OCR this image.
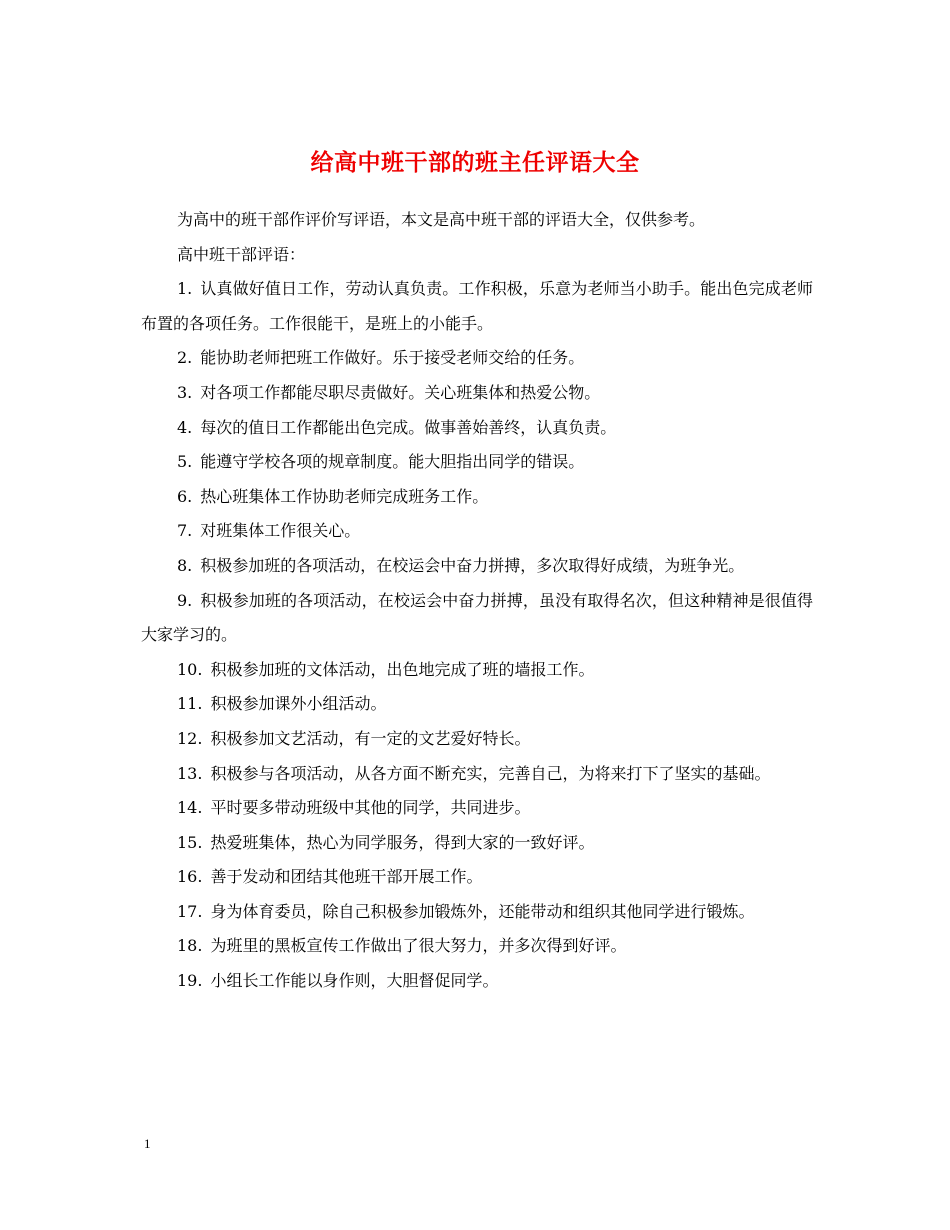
给高中班干部的班主任评语大全

为高中的班干部作评价写评语，本文是高中班干部的评语大全，仅供参考。

高中班干部评语：

1. 认真做好值日工作，劳动认真负责。工作积极，乐意为老师当小助手。能出色完成老师布置的各项任务。工作很能干，是班上的小能手。

2. 能协助老师把班工作做好。乐于接受老师交给的任务。

3. 对各项工作都能尽职尽责做好。关心班集体和热爱公物。

4. 每次的值日工作都能出色完成。做事善始善终，认真负责。

5. 能遵守学校各项的规章制度。能大胆指出同学的错误。

6. 热心班集体工作协助老师完成班务工作。

7. 对班集体工作很关心。

8. 积极参加班的各项活动，在校运会中奋力拼搏，多次取得好成绩，为班争光。

9. 积极参加班的各项活动，在校运会中奋力拼搏，虽没有取得名次，但这种精神是很值得大家学习的。

10. 积极参加班的文体活动，出色地完成了班的墙报工作。

11. 积极参加课外小组活动。

12. 积极参加文艺活动，有一定的文艺爱好特长。

13. 积极参与各项活动，从各方面不断充实，完善自己，为将来打下了坚实的基础。

14. 平时要多带动班级中其他的同学，共同进步。

15. 热爱班集体，热心为同学服务，得到大家的一致好评。

16. 善于发动和团结其他班干部开展工作。

17. 身为体育委员，除自己积极参加锻炼外，还能带动和组织其他同学进行锻炼。

18. 为班里的黑板宣传工作做出了很大努力，并多次得到好评。

19. 小组长工作能以身作则，大胆督促同学。

1
